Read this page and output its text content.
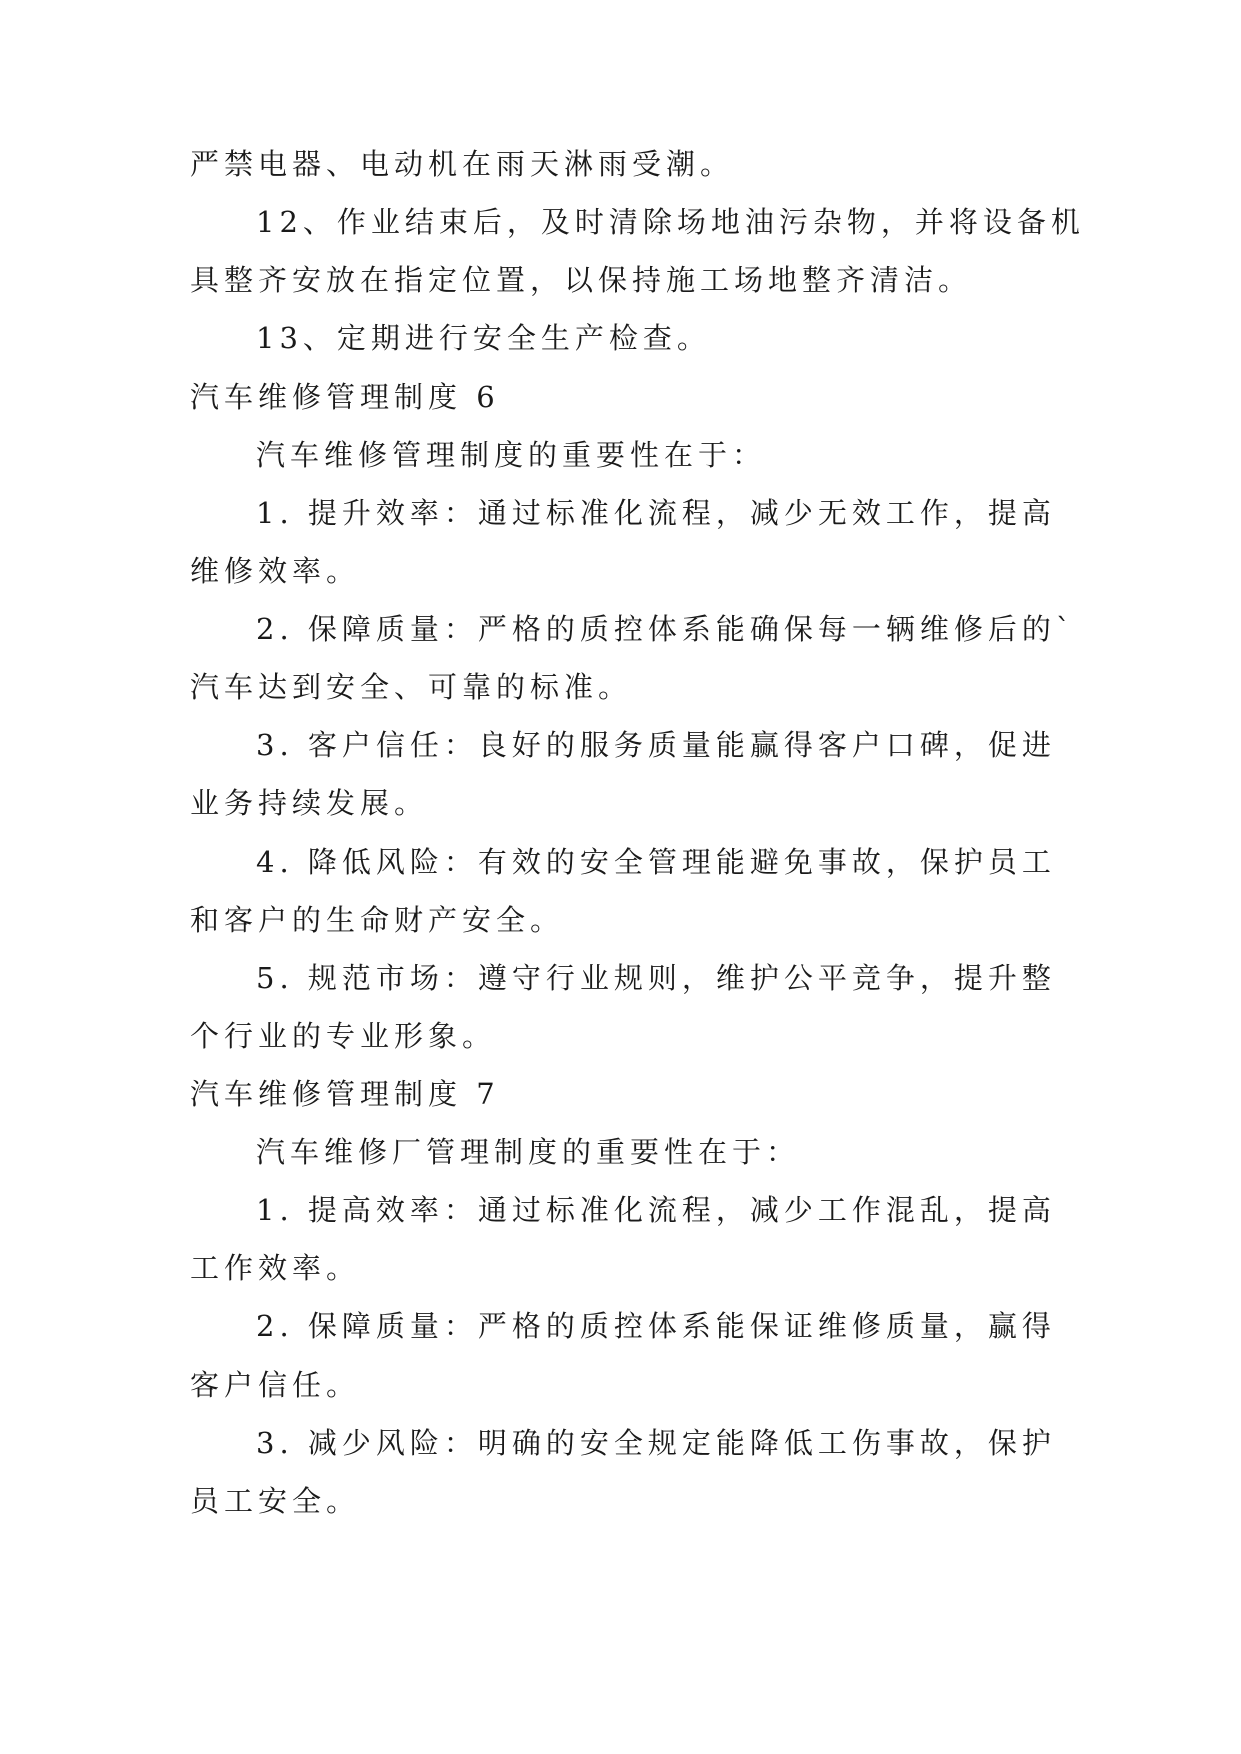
严禁电器、电动机在雨天淋雨受潮。

12、作业结束后，及时清除场地油污杂物，并将设备机

具整齐安放在指定位置，以保持施工场地整齐清洁。

13、定期进行安全生产检查。

汽车维修管理制度 6

汽车维修管理制度的重要性在于：

1. 提升效率：通过标准化流程，减少无效工作，提高

维修效率。

2. 保障质量：严格的质控体系能确保每一辆维修后的`

汽车达到安全、可靠的标准。

3. 客户信任：良好的服务质量能赢得客户口碑，促进

业务持续发展。

4. 降低风险：有效的安全管理能避免事故，保护员工

和客户的生命财产安全。

5. 规范市场：遵守行业规则，维护公平竞争，提升整

个行业的专业形象。

汽车维修管理制度 7

汽车维修厂管理制度的重要性在于：

1. 提高效率：通过标准化流程，减少工作混乱，提高

工作效率。

2. 保障质量：严格的质控体系能保证维修质量，赢得

客户信任。

3. 减少风险：明确的安全规定能降低工伤事故，保护

员工安全。
